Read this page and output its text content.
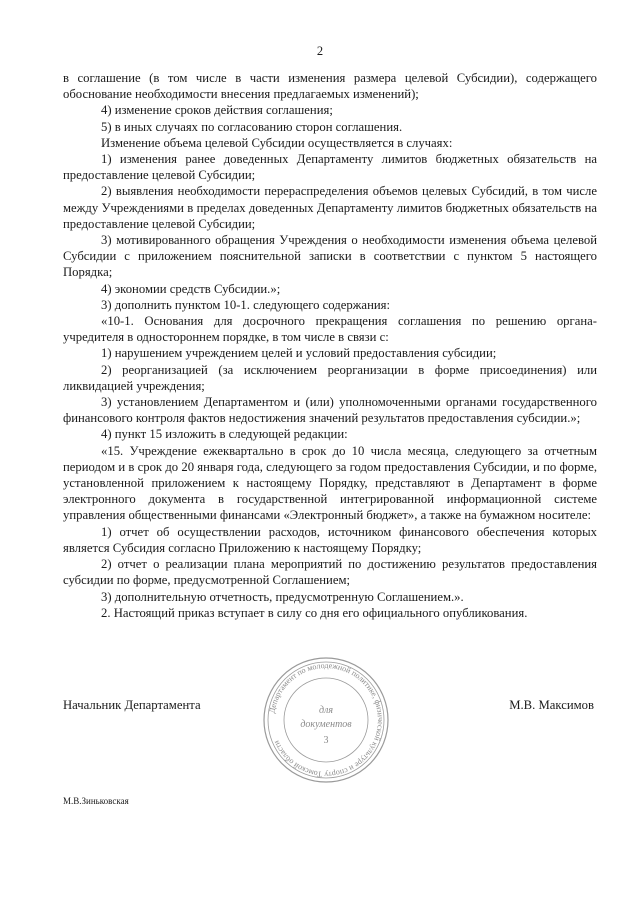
2

в соглашение (в том числе в части изменения размера целевой Субсидии), содержащего обоснование необходимости внесения предлагаемых изменений);

4) изменение сроков действия соглашения;

5) в иных случаях по согласованию сторон соглашения.

Изменение объема целевой Субсидии осуществляется в случаях:

1) изменения ранее доведенных Департаменту лимитов бюджетных обязательств на предоставление целевой Субсидии;

2) выявления необходимости перераспределения объемов целевых Субсидий, в том числе между Учреждениями в пределах доведенных Департаменту лимитов бюджетных обязательств на предоставление целевой Субсидии;

3) мотивированного обращения Учреждения о необходимости изменения объема целевой Субсидии с приложением пояснительной записки в соответствии с пунктом 5 настоящего Порядка;

4) экономии средств Субсидии.»;

3) дополнить пунктом 10-1. следующего содержания:

«10-1. Основания для досрочного прекращения соглашения по решению органа-учредителя в одностороннем порядке, в том числе в связи с:

1) нарушением учреждением целей и условий предоставления субсидии;

2) реорганизацией (за исключением реорганизации в форме присоединения) или ликвидацией учреждения;

3) установлением Департаментом и (или) уполномоченными органами государственного финансового контроля фактов недостижения значений результатов предоставления субсидии.»;

4) пункт 15 изложить в следующей редакции:

«15. Учреждение ежеквартально в срок до 10 числа месяца, следующего за отчетным периодом и в срок до 20 января года, следующего за годом предоставления Субсидии, и по форме, установленной приложением к настоящему Порядку, представляют в Департамент в форме электронного документа в государственной интегрированной информационной системе управления общественными финансами «Электронный бюджет», а также на бумажном носителе:

1) отчет об осуществлении расходов, источником финансового обеспечения которых является Субсидия согласно Приложению к настоящему Порядку;

2) отчет о реализации плана мероприятий по достижению результатов предоставления субсидии по форме, предусмотренной Соглашением;

3) дополнительную отчетность, предусмотренную Соглашением.».

2. Настоящий приказ вступает в силу со дня его официального опубликования.

Начальник Департамента	М.В. Максимов
Департамент по молодежной политике, физической культуре и спорту Томской области
для
документов
3
М.В.Зиньковская
